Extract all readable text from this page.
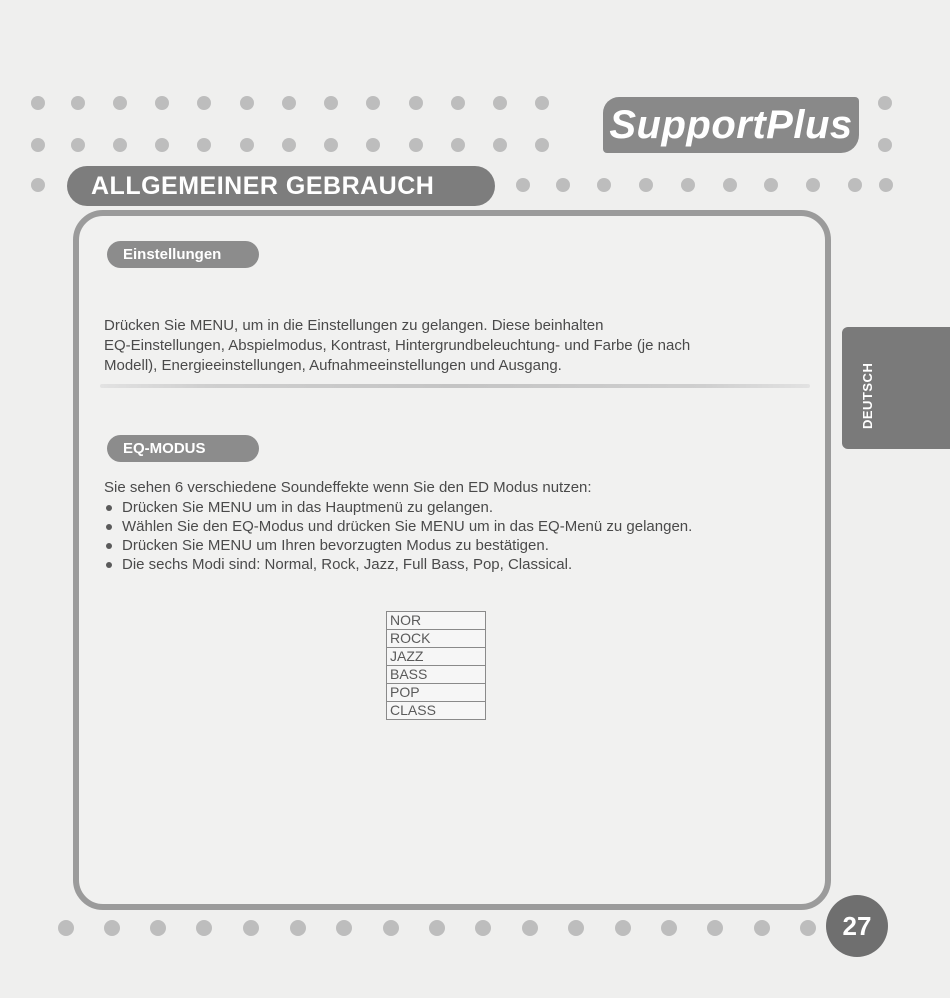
SupportPlus
ALLGEMEINER GEBRAUCH
DEUTSCH
Einstellungen

Drücken Sie MENU, um in die Einstellungen zu gelangen. Diese beinhalten

EQ-Einstellungen, Abspielmodus, Kontrast, Hintergrundbeleuchtung- und Farbe (je nach

Modell), Energieeinstellungen, Aufnahmeeinstellungen und Ausgang.

EQ-MODUS

Sie sehen 6 verschiedene Soundeffekte wenn Sie den ED Modus nutzen:

Drücken Sie MENU um in das Hauptmenü zu gelangen.
Wählen Sie den EQ-Modus und drücken Sie MENU um in das EQ-Menü zu gelangen.
Drücken Sie MENU um Ihren bevorzugten Modus zu bestätigen.
Die sechs Modi sind: Normal, Rock, Jazz, Full Bass, Pop, Classical.
NOR
ROCK
JAZZ
BASS
POP
CLASS
27
